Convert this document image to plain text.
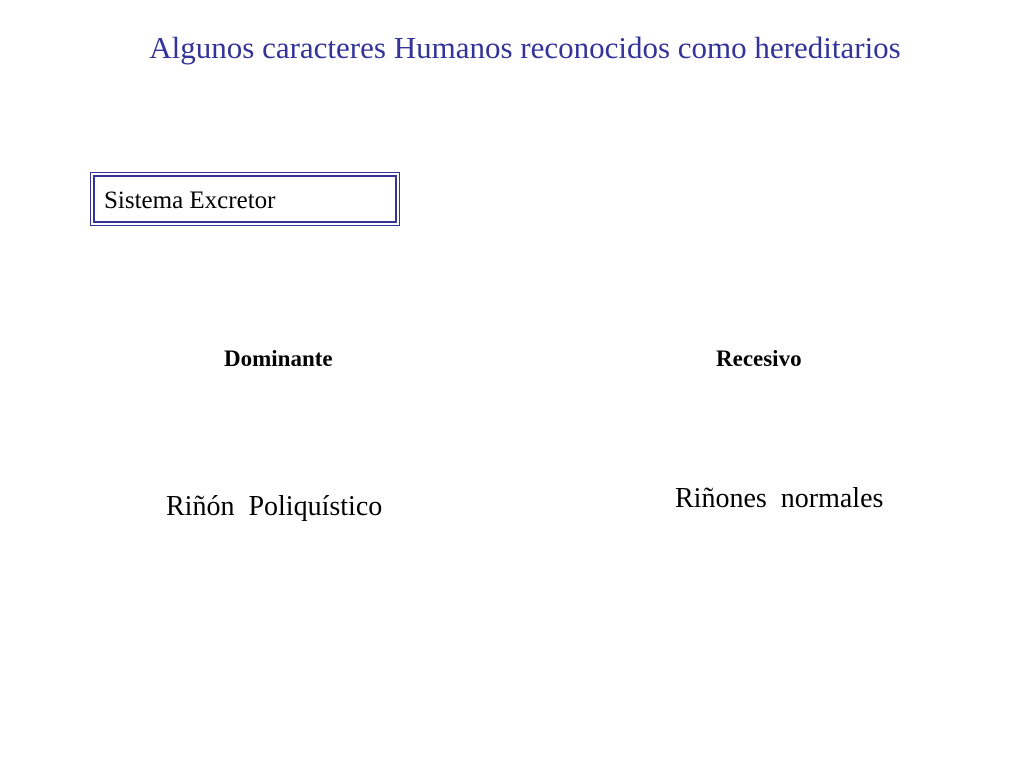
Algunos caracteres Humanos reconocidos como hereditarios
Sistema Excretor
Dominante	Recesivo
Riñón  Poliquístico	Riñones  normales
